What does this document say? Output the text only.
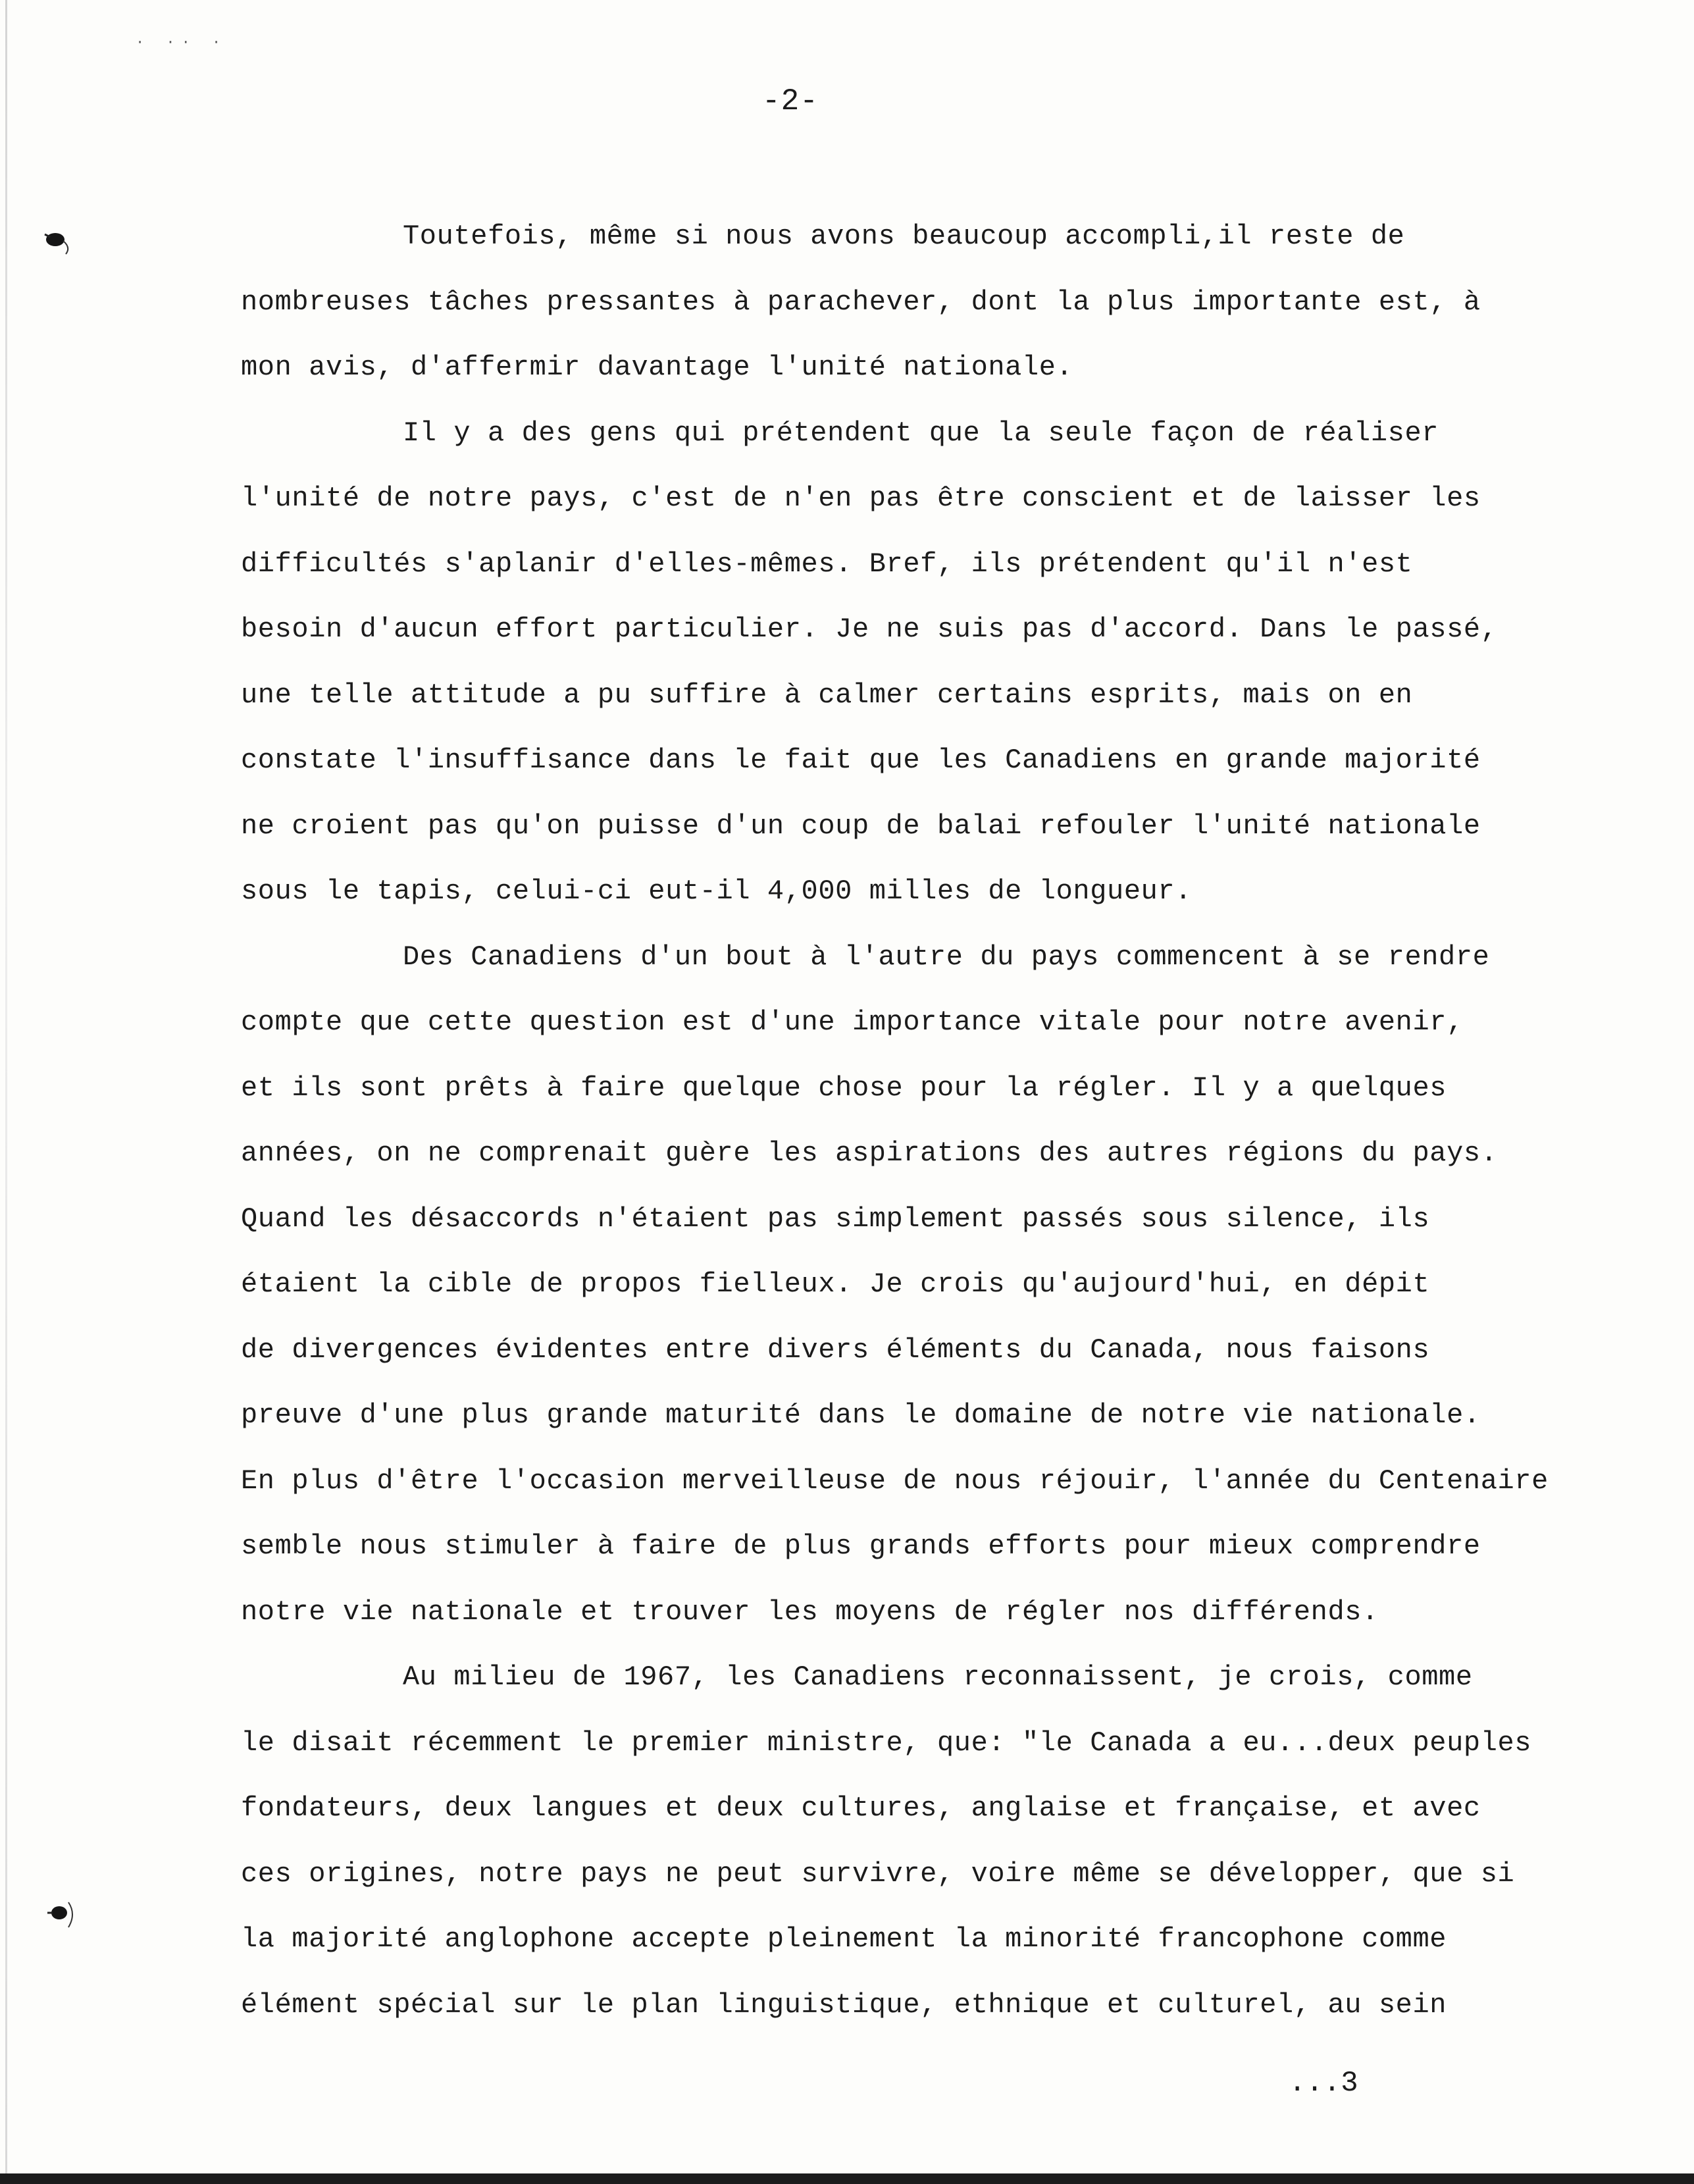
· ·· ·
-2-
Toutefois, même si nous avons beaucoup accompli,il reste de
nombreuses tâches pressantes à parachever, dont la plus importante est, à
mon avis, d'affermir davantage l'unité nationale.
Il y a des gens qui prétendent que la seule façon de réaliser
l'unité de notre pays, c'est de n'en pas être conscient et de laisser les
difficultés s'aplanir d'elles-mêmes. Bref, ils prétendent qu'il n'est
besoin d'aucun effort particulier. Je ne suis pas d'accord. Dans le passé,
une telle attitude a pu suffire à calmer certains esprits, mais on en
constate l'insuffisance dans le fait que les Canadiens en grande majorité
ne croient pas qu'on puisse d'un coup de balai refouler l'unité nationale
sous le tapis, celui-ci eut-il 4,000 milles de longueur.
Des Canadiens d'un bout à l'autre du pays commencent à se rendre
compte que cette question est d'une importance vitale pour notre avenir,
et ils sont prêts à faire quelque chose pour la régler. Il y a quelques
années, on ne comprenait guère les aspirations des autres régions du pays.
Quand les désaccords n'étaient pas simplement passés sous silence, ils
étaient la cible de propos fielleux. Je crois qu'aujourd'hui, en dépit
de divergences évidentes entre divers éléments du Canada, nous faisons
preuve d'une plus grande maturité dans le domaine de notre vie nationale.
En plus d'être l'occasion merveilleuse de nous réjouir, l'année du Centenaire
semble nous stimuler à faire de plus grands efforts pour mieux comprendre
notre vie nationale et trouver les moyens de régler nos différends.
Au milieu de 1967, les Canadiens reconnaissent, je crois, comme
le disait récemment le premier ministre, que: "le Canada a eu...deux peuples
fondateurs, deux langues et deux cultures, anglaise et française, et avec
ces origines, notre pays ne peut survivre, voire même se développer, que si
la majorité anglophone accepte pleinement la minorité francophone comme
élément spécial sur le plan linguistique, ethnique et culturel, au sein
...3
